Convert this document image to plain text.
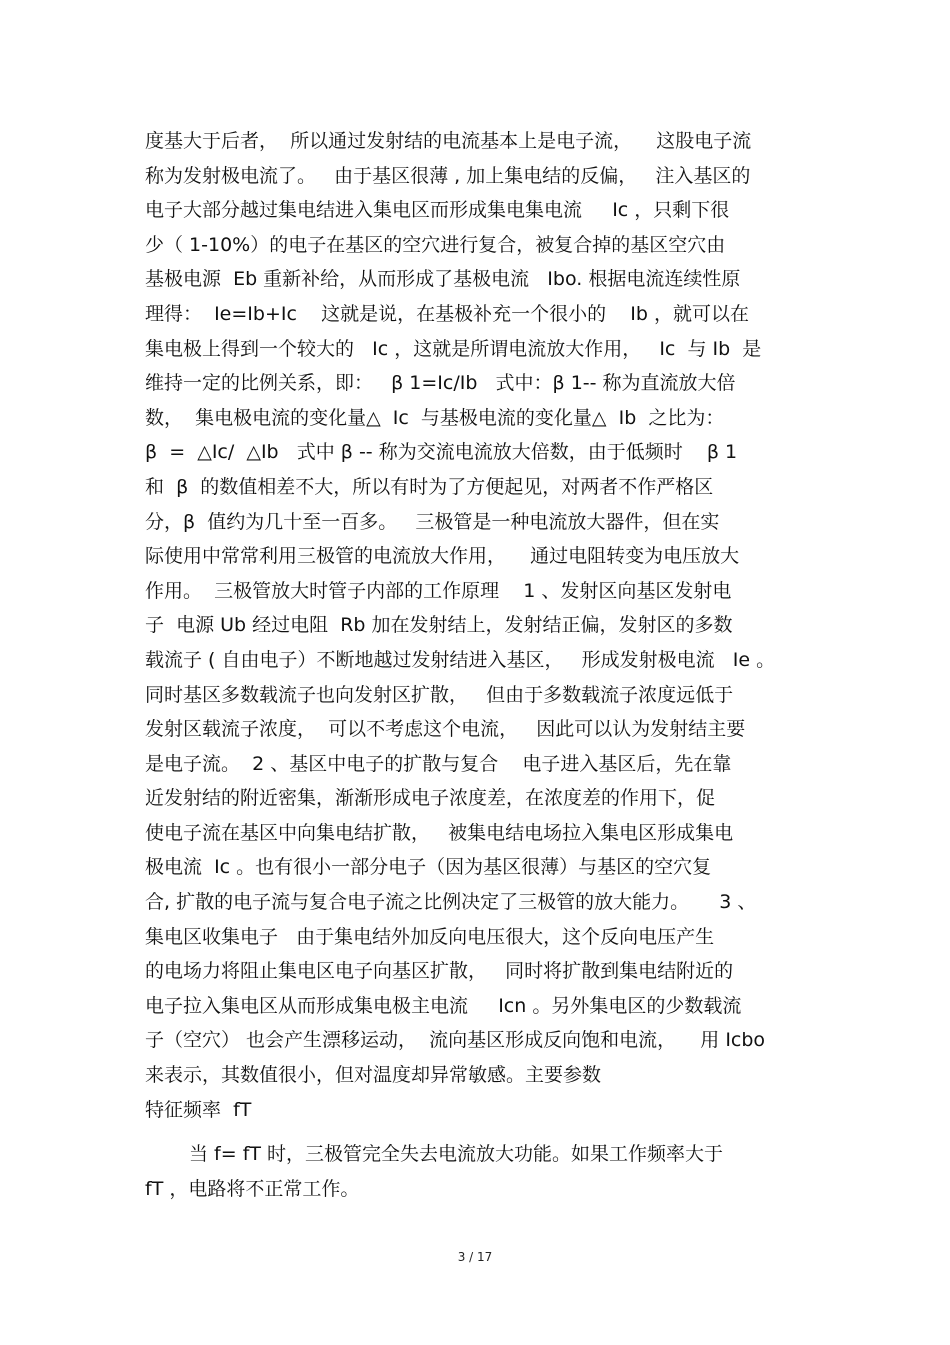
度基大于后者，  所以通过发射结的电流基本上是电子流，    这股电子流
称为发射极电流了。   由于基区很薄 , 加上集电结的反偏，   注入基区的
电子大部分越过集电结进入集电区而形成集电集电流     Ic ，只剩下很
少（ 1-10%）的电子在基区的空穴进行复合，被复合掉的基区空穴由
基极电源  Eb 重新补给，从而形成了基极电流   Ibo. 根据电流连续性原
理得：  Ie=Ib+Ic    这就是说，在基极补充一个很小的    Ib ，就可以在
集电极上得到一个较大的   Ic ，这就是所谓电流放大作用，   Ic  与 Ib  是
维持一定的比例关系，即：   β 1=Ic/Ib   式中：β 1-- 称为直流放大倍
数，  集电极电流的变化量△  Ic  与基极电流的变化量△  Ib  之比为：
β  =  △Ic/  △Ib   式中 β -- 称为交流电流放大倍数，由于低频时    β 1
和  β  的数值相差不大，所以有时为了方便起见，对两者不作严格区
分，β  值约为几十至一百多。   三极管是一种电流放大器件，但在实
际使用中常常利用三极管的电流放大作用，    通过电阻转变为电压放大
作用。  三极管放大时管子内部的工作原理    1 、发射区向基区发射电
子  电源 Ub 经过电阻  Rb 加在发射结上，发射结正偏，发射区的多数
载流子 ( 自由电子）不断地越过发射结进入基区，   形成发射极电流   Ie 。
同时基区多数载流子也向发射区扩散，   但由于多数载流子浓度远低于
发射区载流子浓度，  可以不考虑这个电流，   因此可以认为发射结主要
是电子流。  2 、基区中电子的扩散与复合    电子进入基区后，先在靠
近发射结的附近密集，渐渐形成电子浓度差，在浓度差的作用下，促
使电子流在基区中向集电结扩散，   被集电结电场拉入集电区形成集电
极电流  Ic 。也有很小一部分电子（因为基区很薄）与基区的空穴复
合, 扩散的电子流与复合电子流之比例决定了三极管的放大能力。     3 、
集电区收集电子   由于集电结外加反向电压很大，这个反向电压产生
的电场力将阻止集电区电子向基区扩散，   同时将扩散到集电结附近的
电子拉入集电区从而形成集电极主电流     Icn 。另外集电区的少数载流
子（空穴） 也会产生漂移运动，  流向基区形成反向饱和电流，    用 Icbo
来表示，其数值很小，但对温度却异常敏感。主要参数
特征频率  fT
当 f= fT 时，三极管完全失去电流放大功能。如果工作频率大于
fT ，电路将不正常工作。
3 / 17
